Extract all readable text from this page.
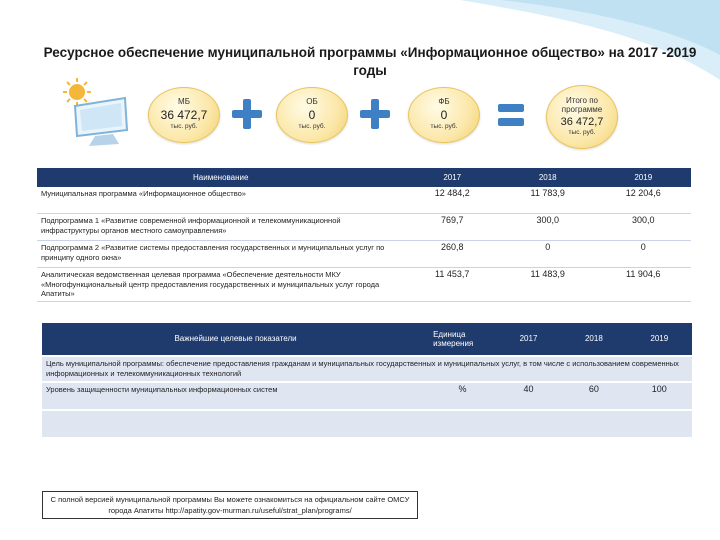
Ресурсное обеспечение муниципальной программы «Информационное общество» на 2017 -2019 годы
МБ
36 472,7
тыс. руб.
ОБ
0
тыс. руб.
ФБ
0
тыс. руб.
Итого по программе
36 472,7
тыс. руб.
Наименование	2017	2018	2019
Муниципальная программа «Информационное общество»	12 484,2	11 783,9	12 204,6
Подпрограмма 1 «Развитие современной информационной и телекоммуникационной инфраструктуры органов местного самоуправления»	769,7	300,0	300,0
Подпрограмма 2 «Развитие системы предоставления государственных и муниципальных услуг по принципу одного окна»	260,8	0	0
Аналитическая ведомственная целевая программа «Обеспечение деятельности МКУ «Многофункциональный центр предоставления государственных и муниципальных услуг города Апатиты»	11 453,7	11 483,9	11 904,6
Важнейшие целевые показатели	Единица измерения	2017	2018	2019
Цель муниципальной программы: обеспечение предоставления гражданам и муниципальных государственных и муниципальных услуг, в том числе с использованием современных информационных и телекоммуникационных технологий				
Уровень защищенности муниципальных информационных систем	%	40	60	100

С полной версией муниципальной программы Вы можете ознакомиться на официальном сайте ОМСУ города Апатиты http://apatity.gov-murman.ru/useful/strat_plan/programs/
